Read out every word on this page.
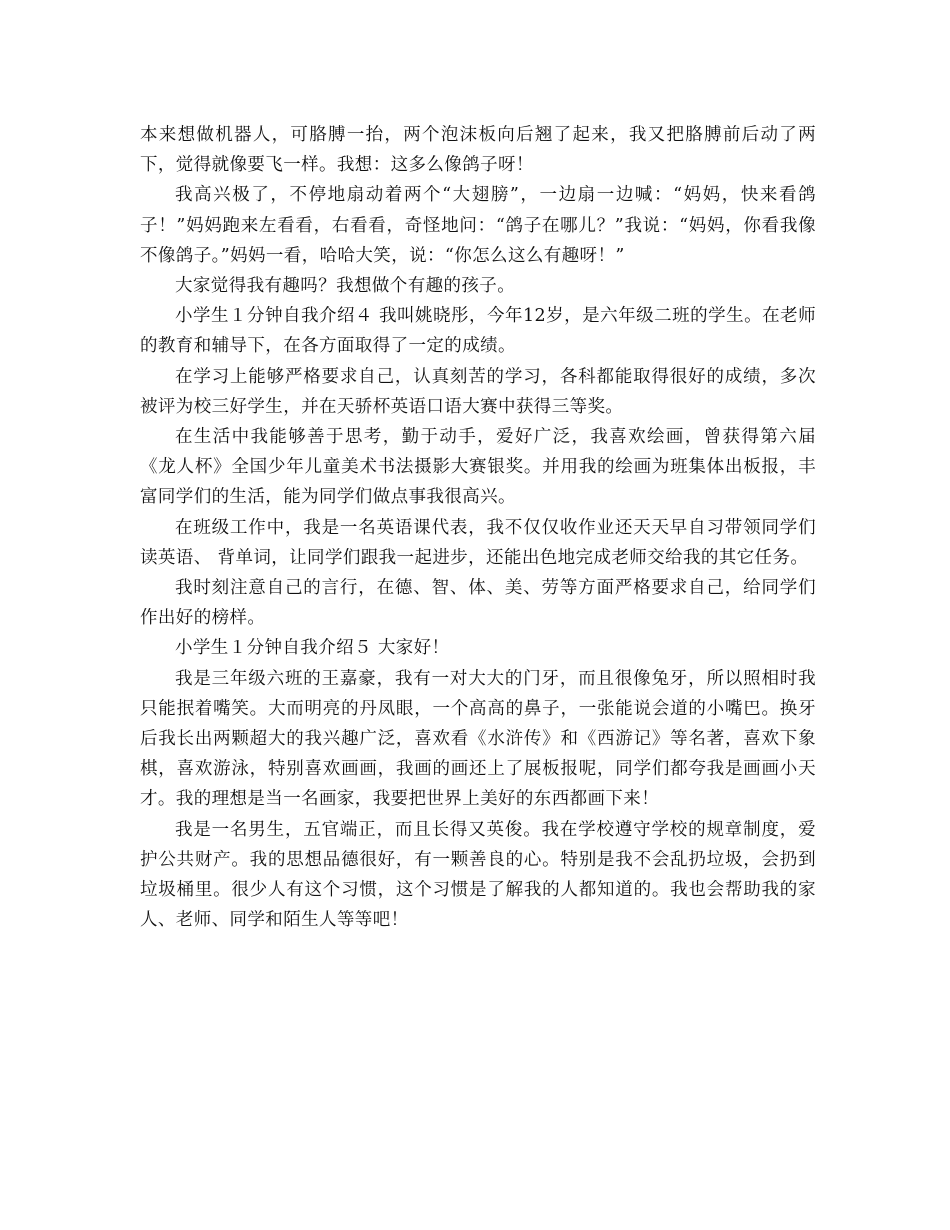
本来想做机器人，可胳膊一抬，两个泡沫板向后翘了起来，我又把胳膊前后动了两下，觉得就像要飞一样。我想：这多么像鸽子呀！

我高兴极了，不停地扇动着两个“大翅膀”，一边扇一边喊：“妈妈，快来看鸽子！”妈妈跑来左看看，右看看，奇怪地问：“鸽子在哪儿？”我说：“妈妈，你看我像不像鸽子。”妈妈一看，哈哈大笑，说：“你怎么这么有趣呀！”

大家觉得我有趣吗？我想做个有趣的孩子。

小学生１分钟自我介绍４ 我叫姚晓彤，今年12岁，是六年级二班的学生。在老师的教育和辅导下，在各方面取得了一定的成绩。

在学习上能够严格要求自己，认真刻苦的学习，各科都能取得很好的成绩，多次被评为校三好学生，并在天骄杯英语口语大赛中获得三等奖。

在生活中我能够善于思考，勤于动手，爱好广泛，我喜欢绘画，曾获得第六届《龙人杯》全国少年儿童美术书法摄影大赛银奖。并用我的绘画为班集体出板报，丰富同学们的生活，能为同学们做点事我很高兴。

在班级工作中，我是一名英语课代表，我不仅仅收作业还天天早自习带领同学们读英语、 背单词，让同学们跟我一起进步，还能出色地完成老师交给我的其它任务。

我时刻注意自己的言行，在德、智、体、美、劳等方面严格要求自己，给同学们作出好的榜样。

小学生１分钟自我介绍５ 大家好！

我是三年级六班的王嘉豪，我有一对大大的门牙，而且很像兔牙，所以照相时我只能抿着嘴笑。大而明亮的丹凤眼，一个高高的鼻子，一张能说会道的小嘴巴。换牙后我长出两颗超大的我兴趣广泛，喜欢看《水浒传》和《西游记》等名著，喜欢下象棋，喜欢游泳，特别喜欢画画，我画的画还上了展板报呢，同学们都夸我是画画小天才。我的理想是当一名画家，我要把世界上美好的东西都画下来！

我是一名男生，五官端正，而且长得又英俊。我在学校遵守学校的规章制度，爱护公共财产。我的思想品德很好，有一颗善良的心。特别是我不会乱扔垃圾，会扔到垃圾桶里。很少人有这个习惯，这个习惯是了解我的人都知道的。我也会帮助我的家人、老师、同学和陌生人等等吧！
